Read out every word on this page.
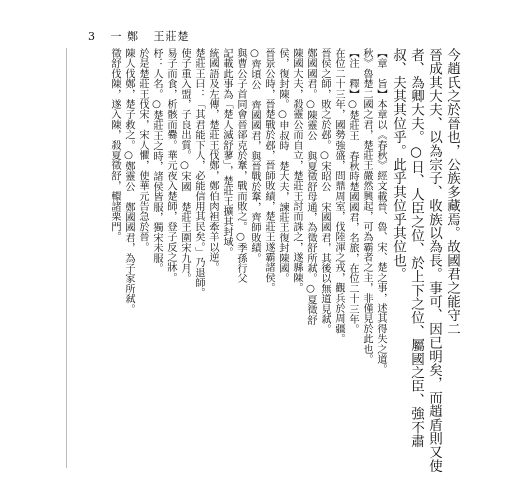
3 一 鄭 王莊楚
今趙氏之於晉也，公族多藏焉。故國君之能守二
晉成其大夫、以為宗子、收族以為長。事可、因已明矣，而趙盾則又使
者、為卿大夫。○日、人臣之位、於上下之位、屬國之臣、強不肅
叔、夫其其位乎。此乎其位乎其位也。
【章　旨】本章以《春秋》經文載晉、魯、宋、楚之事，述其得失之道。
秋》魯楚二國之君，楚莊王嚴然興起，可為霸者之主，非僅見於此也。
【注　釋】○楚莊王　春秋時楚國國君，名旅，在位二十三年。
在位二十三年，國勢強盛，問鼎周室，伐陸渾之戎，觀兵於周疆。
晉侯之師，敗之於邲。○宋昭公　宋國國君，其後以無道見弒。
鄭國國君。○陳靈公　與夏徵舒母通，為徵舒所弒。○夏徵舒
陳國大夫，殺靈公而自立，楚莊王討而誅之，遂縣陳。
侯，復封陳。○申叔時　楚大夫，諫莊王復封陳國。
晉景公時，晉楚戰於邲，晉師敗績，楚莊王遂霸諸侯。
○齊頃公　齊國國君，與晉戰於鞌，齊師敗績。
與曹公子首同會晉郤克於鞌，戰而敗之。○季孫行父
記載此事為「楚人滅舒蓼」，楚莊王擴其封域。
統國語及左傳，楚莊王伐鄭，鄭伯肉袒牽羊以逆。
楚莊王曰：「其君能下人，必能信用其民矣。」乃退師。
使子重入盟，子良出質。○宋國　楚莊王圍宋九月。
易子而食，析骸而爨。華元夜入楚師，登子反之牀。
杼：人名。○楚莊王之時，諸侯皆服，獨宋未服。
於是楚莊王伐宋，宋人懼，使華元告急於晉。
陳人伐鄭，楚子救之。○鄭靈公　鄭國國君，為子家所弒。
徵舒伐陳，遂入陳，殺夏徵舒，轘諸栗門。
